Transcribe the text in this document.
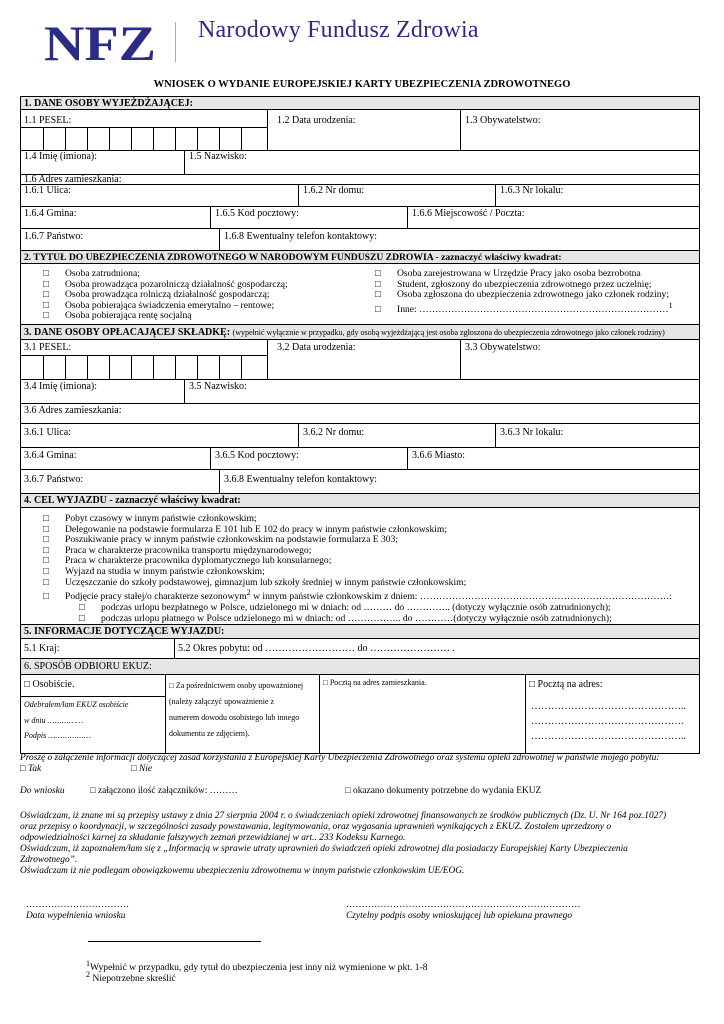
NFZ Narodowy Fundusz Zdrowia
WNIOSEK O WYDANIE EUROPEJSKIEJ KARTY UBEZPIECZENIA ZDROWOTNEGO
1. DANE OSOBY WYJEŻDŻAJĄCEJ:
1.1 PESEL:	1.2 Data urodzenia:	1.3 Obywatelstwo:
1.4 Imię (imiona):	1.5 Nazwisko:
1.6 Adres zamieszkania:
1.6.1 Ulica:	1.6.2 Nr domu:	1.6.3 Nr lokalu:
1.6.4 Gmina:	1.6.5 Kod pocztowy:	1.6.6 Miejscowość / Poczta:
1.6.7 Państwo:	1.6.8 Ewentualny telefon kontaktowy:
2. TYTUŁ DO UBEZPIECZENIA ZDROWOTNEGO W NARODOWYM FUNDUSZU ZDROWIA - zaznaczyć właściwy kwadrat:
□ Osoba zatrudniona;
□ Osoba prowadząca pozarolniczą działalność gospodarczą;
□ Osoba prowadząca rolniczą działalność gospodarczą;
□ Osoba pobierająca świadczenia emerytalno – rentowe;
□ Osoba pobierająca rentę socjalną
□ Osoba zarejestrowana w Urzędzie Pracy jako osoba bezrobotna
□ Student, zgłoszony do ubezpieczenia zdrowotnego przez uczelnię;
□ Osoba zgłoszona do ubezpieczenia zdrowotnego jako członek rodziny;
□ Inne: ……………………………………………………………………$^1$
3. DANE OSOBY OPŁACAJĄCEJ SKŁADKĘ: (wypełnić wyłącznie w przypadku, gdy osobą wyjeżdżającą jest osoba zgłoszona do ubezpieczenia zdrowotnego jako członek rodziny)
3.1 PESEL:	3.2 Data urodzenia:	3.3 Obywatelstwo:
3.4 Imię (imiona):	3.5 Nazwisko:
3.6 Adres zamieszkania:
3.6.1 Ulica:	3.6.2 Nr domu:	3.6.3 Nr lokalu:
3.6.4 Gmina:	3.6.5 Kod pocztowy:	3.6.6 Miasto:
3.6.7 Państwo:	3.6.8 Ewentualny telefon kontaktowy:
4. CEL WYJAZDU - zaznaczyć właściwy kwadrat:
□ Pobyt czasowy w innym państwie członkowskim;
□ Delegowanie na podstawie formularza E 101 lub E 102 do pracy w innym państwie członkowskim;
□ Poszukiwanie pracy w innym państwie członkowskim na podstawie formularza E 303;
□ Praca w charakterze pracownika transportu międzynarodowego;
□ Praca w charakterze pracownika dyplomatycznego lub konsularnego;
□ Wyjazd na studia w innym państwie członkowskim;
□ Uczęszczanie do szkoły podstawowej, gimnazjum lub szkoły średniej w innym państwie członkowskim;
□ Podjęcie pracy stałej/o charakterze sezonowym$^2$ w innym państwie członkowskim z dniem: ……………………………………………………………………:
□ podczas urlopu bezpłatnego w Polsce, udzielonego mi w dniach: od ……… do ………….. (dotyczy wyłącznie osób zatrudnionych);
□ podczas urlopu płatnego w Polsce udzielonego mi w dniach: od …………….. do …………(dotyczy wyłącznie osób zatrudnionych);
5. INFORMACJE DOTYCZĄCE WYJAZDU:
5.1 Kraj:	5.2 Okres pobytu: od ……………………… do …………………… .
6. SPOSÓB ODBIORU EKUZ:
□ Osobiście.
Odebrałem/łam EKUZ osobiście
w dniu ……………
Podpis ………………
□ Za pośrednictwem osoby upoważnionej
(należy załączyć upoważnienie z
numerem dowodu osobistego lub innego
dokumentu ze zdjęciem).
□ Pocztą na adres zamieszkania.	□ Pocztą na adres:
………………………………………..
……………………………………….
………………………………………..
Proszę o załączenie informacji dotyczącej zasad korzystania z Europejskiej Karty Ubezpieczenia Zdrowotnego oraz systemu opieki zdrowotnej w państwie mojego pobytu:
□ Tak	□ Nie
Do wniosku	□ załączono ilość załączników: ………	□ okazano dokumenty potrzebne do wydania EKUZ
Oświadczam, iż znane mi są przepisy ustawy z dnia 27 sierpnia 2004 r. o świadczeniach opieki zdrowotnej finansowanych ze środków publicznych (Dz. U. Nr 164 poz.1027)
oraz przepisy o koordynacji, w szczególności zasady powstawania, legitymowania, oraz wygasania uprawnień wynikających z EKUZ. Zostałem uprzedzony o
odpowiedzialności karnej za składanie fałszywych zeznań przewidzianej w art.. 233 Kodeksu Karnego.
Oświadczam, iż zapoznałem/łam się z „Informacją w sprawie utraty uprawnień do świadczeń opieki zdrowotnej dla posiadaczy Europejskiej Karty Ubezpieczenia
Zdrowotnego”.
Oświadczam iż nie podlegam obowiązkowemu ubezpieczeniu zdrowotnemu w innym państwie członkowskim UE/EOG.
……………………………
Data wypełnienia wniosku
…………………………………………………………………
Czytelny podpis osoby wnioskującej lub opiekuna prawnego
$^1$Wypełnić w przypadku, gdy tytuł do ubezpieczenia jest inny niż wymienione w pkt. 1-8
$^2$ Niepotrzebne skreślić
